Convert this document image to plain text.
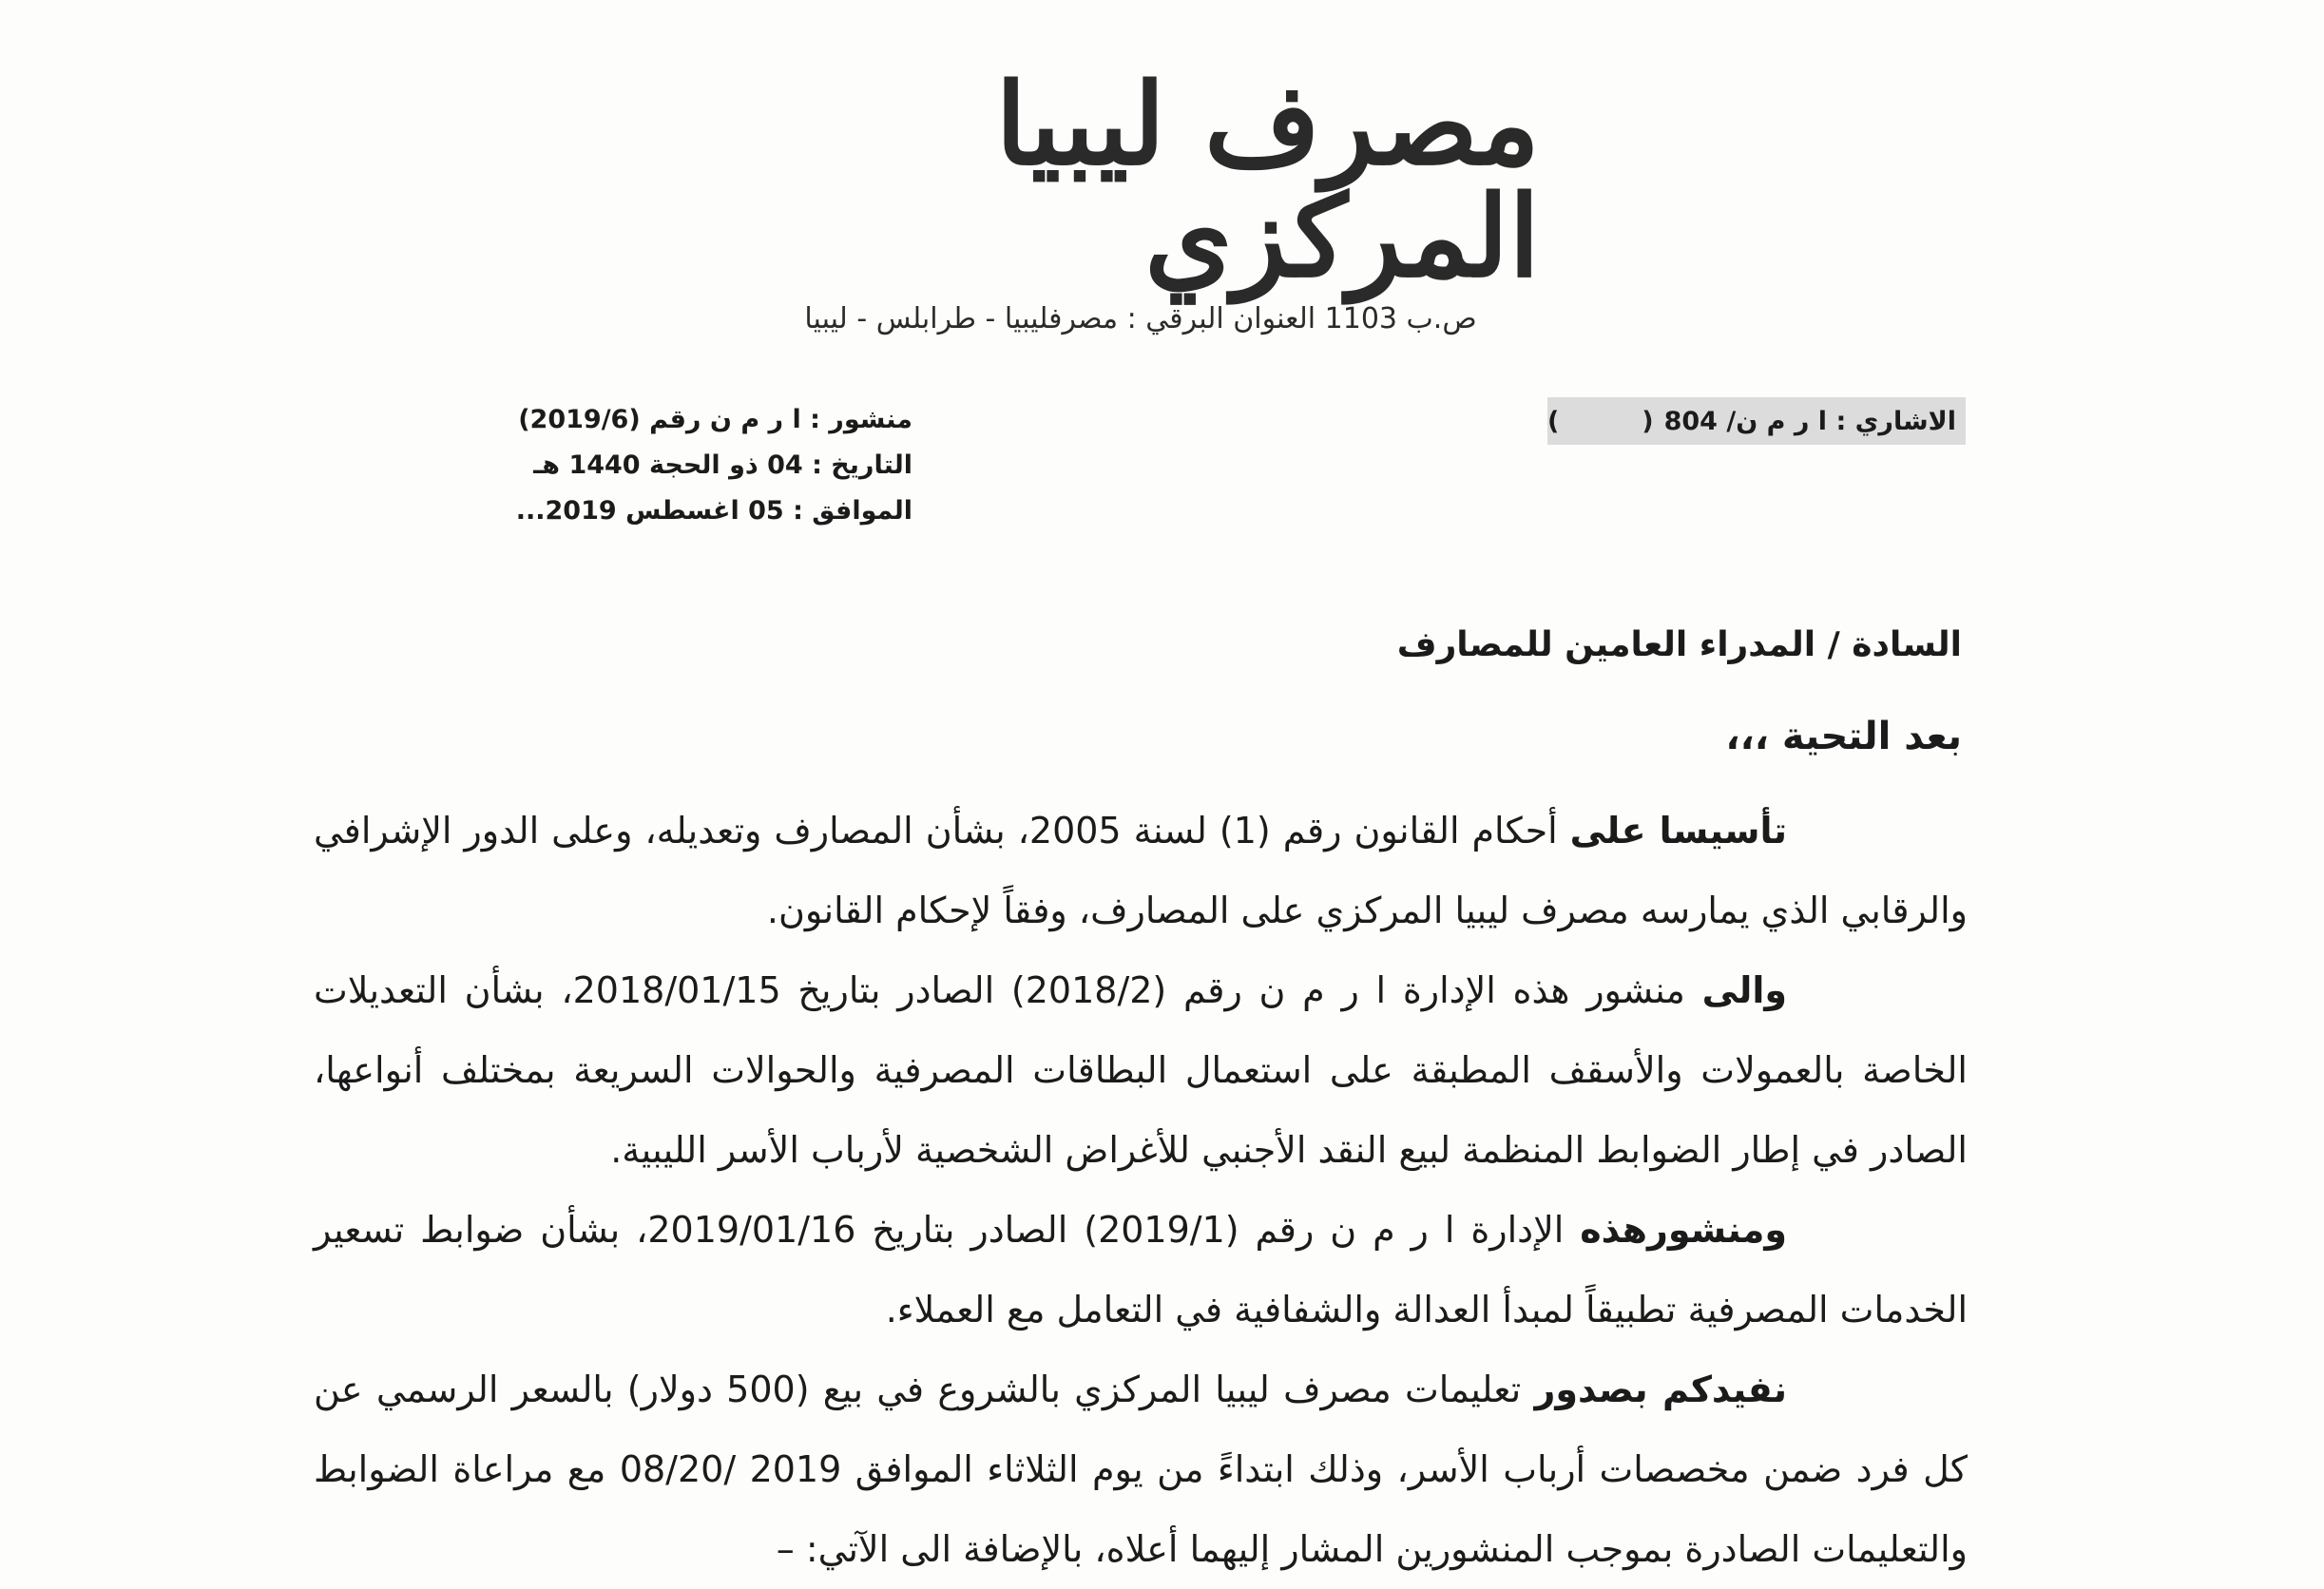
مصرف ليبيا المركزي
ص.ب 1103 العنوان البرقي : مصرفليبيا - طرابلس - ليبيا
الاشاري : ا ر م ن/ 804
(
)
منشور : ا ر م ن رقم (2019/6)
التاريخ : 04 ذو الحجة 1440 هـ
الموافق : 05 اغسطس 2019...
السادة / المدراء العامين للمصارف
بعد التحية ،،،

تأسيسا على أحكام القانون رقم (1) لسنة 2005، بشأن المصارف وتعديله، وعلى الدور الإشرافي والرقابي الذي يمارسه مصرف ليبيا المركزي على المصارف، وفقاً لإحكام القانون.

والى منشور هذه الإدارة ا ر م ن رقم (2018/2) الصادر بتاريخ 2018/01/15، بشأن التعديلات الخاصة بالعمولات والأسقف المطبقة على استعمال البطاقات المصرفية والحوالات السريعة بمختلف أنواعها، الصادر في إطار الضوابط المنظمة لبيع النقد الأجنبي للأغراض الشخصية لأرباب الأسر الليبية.

ومنشورهذه الإدارة ا ر م ن رقم (2019/1) الصادر بتاريخ 2019/01/16، بشأن ضوابط تسعير الخدمات المصرفية تطبيقاً لمبدأ العدالة والشفافية في التعامل مع العملاء.

نفيدكم بصدور تعليمات مصرف ليبيا المركزي بالشروع في بيع (500 دولار) بالسعر الرسمي عن كل فرد ضمن مخصصات أرباب الأسر، وذلك ابتداءً من يوم الثلاثاء الموافق 2019 /08/20 مع مراعاة الضوابط والتعليمات الصادرة بموجب المنشورين المشار إليهما أعلاه، بالإضافة الى الآتي: –
